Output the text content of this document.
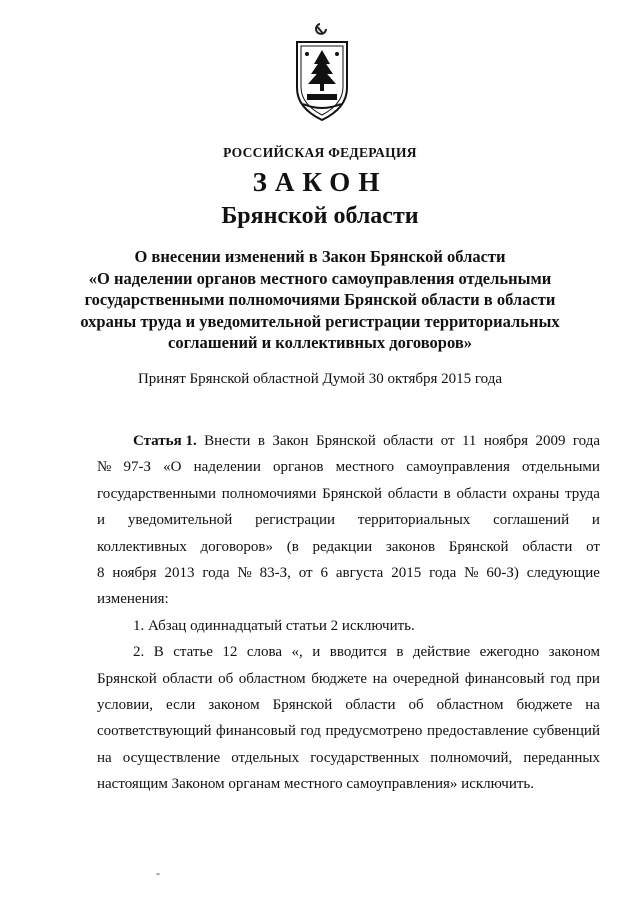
РОССИЙСКАЯ ФЕДЕРАЦИЯ
ЗАКОН
Брянской области
О внесении изменений в Закон Брянской области
«О наделении органов местного самоуправления отдельными
государственными полномочиями Брянской области в области
охраны труда и уведомительной регистрации территориальных
соглашений и коллективных договоров»
Принят Брянской областной Думой 30 октября 2015 года
Статья 1. Внести в Закон Брянской области от 11 ноября 2009 года
№ 97-З «О наделении органов местного самоуправления отдельными
государственными полномочиями Брянской области в области охраны труда
и уведомительной регистрации территориальных соглашений и
коллективных договоров» (в редакции законов Брянской области от
8 ноября 2013 года № 83-З, от 6 августа 2015 года № 60-З) следующие
изменения:
1. Абзац одиннадцатый статьи 2 исключить.
2. В статье 12 слова «, и вводится в действие ежегодно законом
Брянской области об областном бюджете на очередной финансовый год при
условии, если законом Брянской области об областном бюджете на
соответствующий финансовый год предусмотрено предоставление субвенций
на осуществление отдельных государственных полномочий, переданных
настоящим Законом органам местного самоуправления» исключить.
-
